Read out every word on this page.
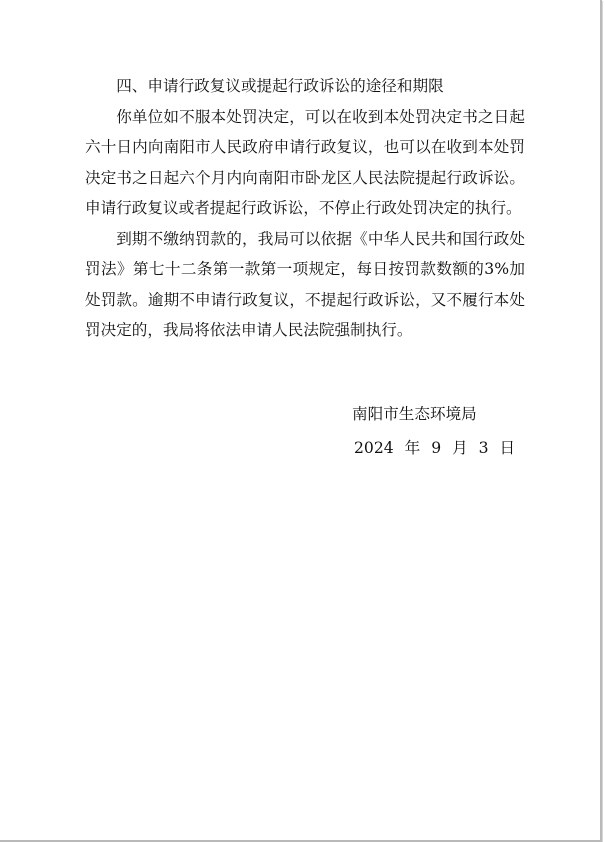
四、申请行政复议或提起行政诉讼的途径和期限

你单位如不服本处罚决定，可以在收到本处罚决定书之日起六十日内向南阳市人民政府申请行政复议，也可以在收到本处罚决定书之日起六个月内向南阳市卧龙区人民法院提起行政诉讼。申请行政复议或者提起行政诉讼，不停止行政处罚决定的执行。

到期不缴纳罚款的，我局可以依据《中华人民共和国行政处罚法》第七十二条第一款第一项规定，每日按罚款数额的3%加处罚款。逾期不申请行政复议，不提起行政诉讼，又不履行本处罚决定的，我局将依法申请人民法院强制执行。

南阳市生态环境局
2024 年 9 月 3 日
